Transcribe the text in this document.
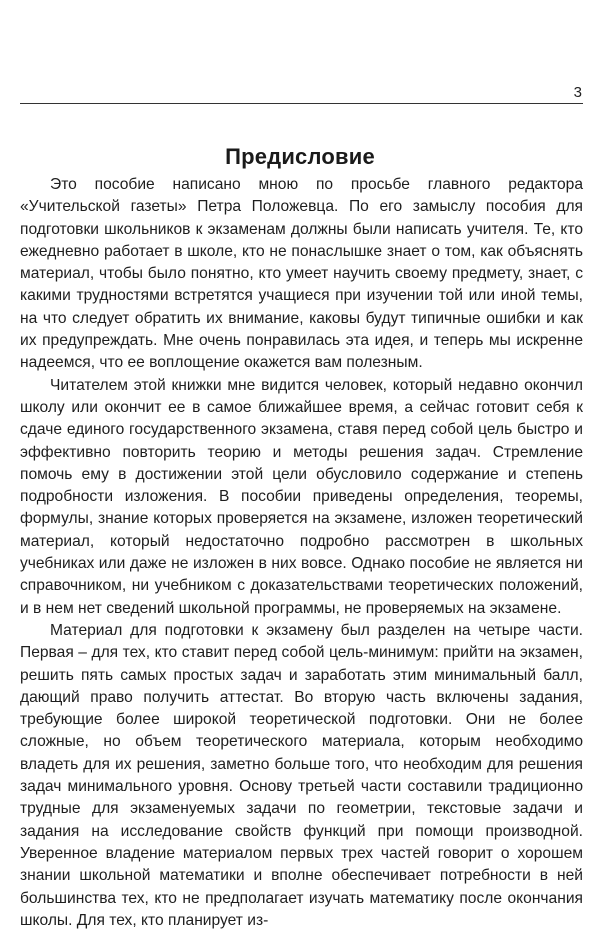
3
Предисловие

Это пособие написано мною по просьбе главного редактора «Учительской газеты» Петра Положевца. По его замыслу пособия для подготовки школьников к экзаменам должны были написать учителя. Те, кто ежедневно работает в школе, кто не понаслышке знает о том, как объяснять материал, чтобы было понятно, кто умеет научить своему предмету, знает, с какими трудностями встретятся учащиеся при изучении той или иной темы, на что следует обратить их внимание, каковы будут типичные ошибки и как их предупреждать. Мне очень понравилась эта идея, и теперь мы искренне надеемся, что ее воплощение окажется вам полезным.

Читателем этой книжки мне видится человек, который недавно окончил школу или окончит ее в самое ближайшее время, а сейчас готовит себя к сдаче единого государственного экзамена, ставя перед собой цель быстро и эффективно повторить теорию и методы решения задач. Стремление помочь ему в достижении этой цели обусловило содержание и степень подробности изложения. В пособии приведены определения, теоремы, формулы, знание которых проверяется на экзамене, изложен теоретический материал, который недостаточно подробно рассмотрен в школьных учебниках или даже не изложен в них вовсе. Однако пособие не является ни справочником, ни учебником с доказательствами теоретических положений, и в нем нет сведений школьной программы, не проверяемых на экзамене.

Материал для подготовки к экзамену был разделен на четыре части. Первая – для тех, кто ставит перед собой цель-минимум: прийти на экзамен, решить пять самых простых задач и заработать этим минимальный балл, дающий право получить аттестат. Во вторую часть включены задания, требующие более широкой теоретической подготовки. Они не более сложные, но объем теоретического материала, которым необходимо владеть для их решения, заметно больше того, что необходим для решения задач минимального уровня. Основу третьей части составили традиционно трудные для экзаменуемых задачи по геометрии, текстовые задачи и задания на исследование свойств функций при помощи производной. Уверенное владение материалом первых трех частей говорит о хорошем знании школьной математики и вполне обеспечивает потребности в ней большинства тех, кто не предполагает изучать математику после окончания школы. Для тех, кто планирует из-
